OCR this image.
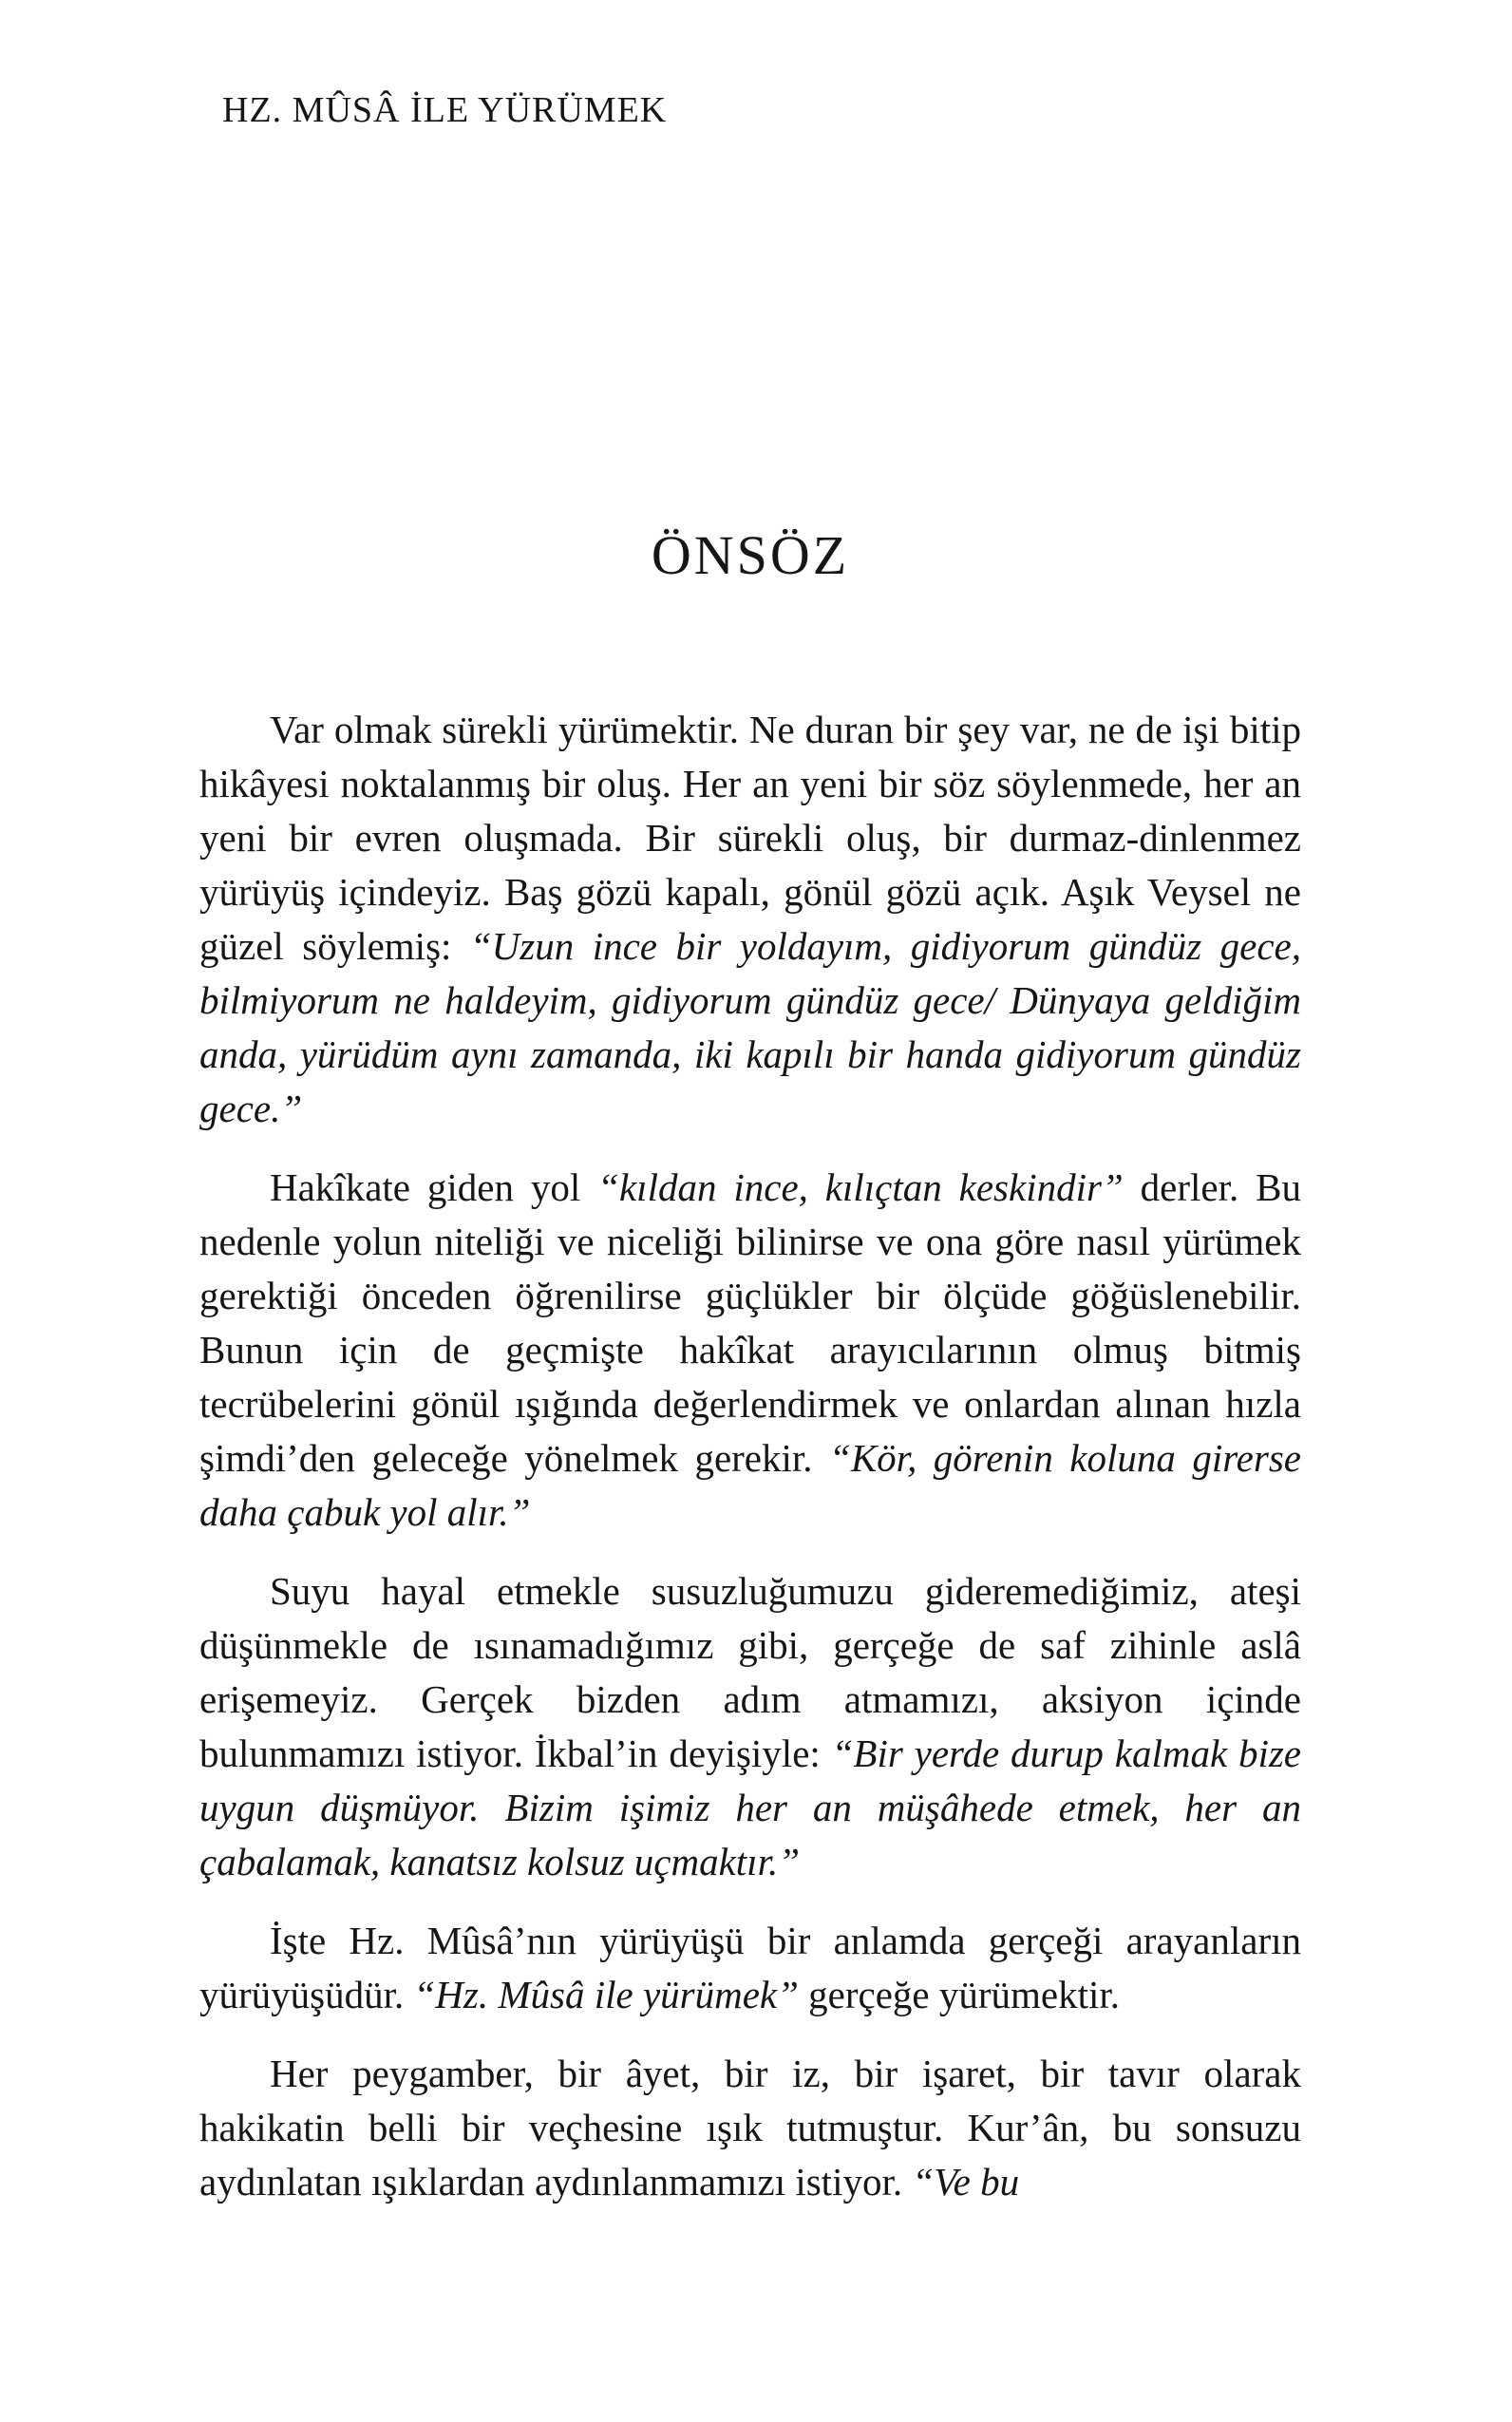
HZ. MÛSÂ İLE YÜRÜMEK
ÖNSÖZ

Var olmak sürekli yürümektir. Ne duran bir şey var, ne de işi bitip hikâyesi noktalanmış bir oluş. Her an yeni bir söz söylenmede, her an yeni bir evren oluşmada. Bir sürekli oluş, bir durmaz-dinlenmez yürüyüş içindeyiz. Baş gözü kapalı, gönül gözü açık. Aşık Veysel ne güzel söylemiş: “Uzun ince bir yoldayım, gidiyorum gündüz gece, bilmiyorum ne haldeyim, gidiyorum gündüz gece/ Dünyaya geldiğim anda, yürüdüm aynı zamanda, iki kapılı bir handa gidiyorum gündüz gece.”

Hakîkate giden yol “kıldan ince, kılıçtan keskindir” derler. Bu nedenle yolun niteliği ve niceliği bilinirse ve ona göre nasıl yürümek gerektiği önceden öğrenilirse güçlükler bir ölçüde göğüslenebilir. Bunun için de geçmişte hakîkat arayıcılarının olmuş bitmiş tecrübelerini gönül ışığında değerlendirmek ve onlardan alınan hızla şimdi’den geleceğe yönelmek gerekir. “Kör, görenin koluna girerse daha çabuk yol alır.”

Suyu hayal etmekle susuzluğumuzu gideremediğimiz, ateşi düşünmekle de ısınamadığımız gibi, gerçeğe de saf zihinle aslâ erişemeyiz. Gerçek bizden adım atmamızı, aksiyon içinde bulunmamızı istiyor. İkbal’in deyişiyle: “Bir yerde durup kalmak bize uygun düşmüyor. Bizim işimiz her an müşâhede etmek, her an çabalamak, kanatsız kolsuz uçmaktır.”

İşte Hz. Mûsâ’nın yürüyüşü bir anlamda gerçeği arayanların yürüyüşüdür. “Hz. Mûsâ ile yürümek” gerçeğe yürümektir.

Her peygamber, bir âyet, bir iz, bir işaret, bir tavır olarak hakikatin belli bir veçhesine ışık tutmuştur. Kur’ân, bu sonsuzu aydınlatan ışıklardan aydınlanmamızı istiyor. “Ve bu
